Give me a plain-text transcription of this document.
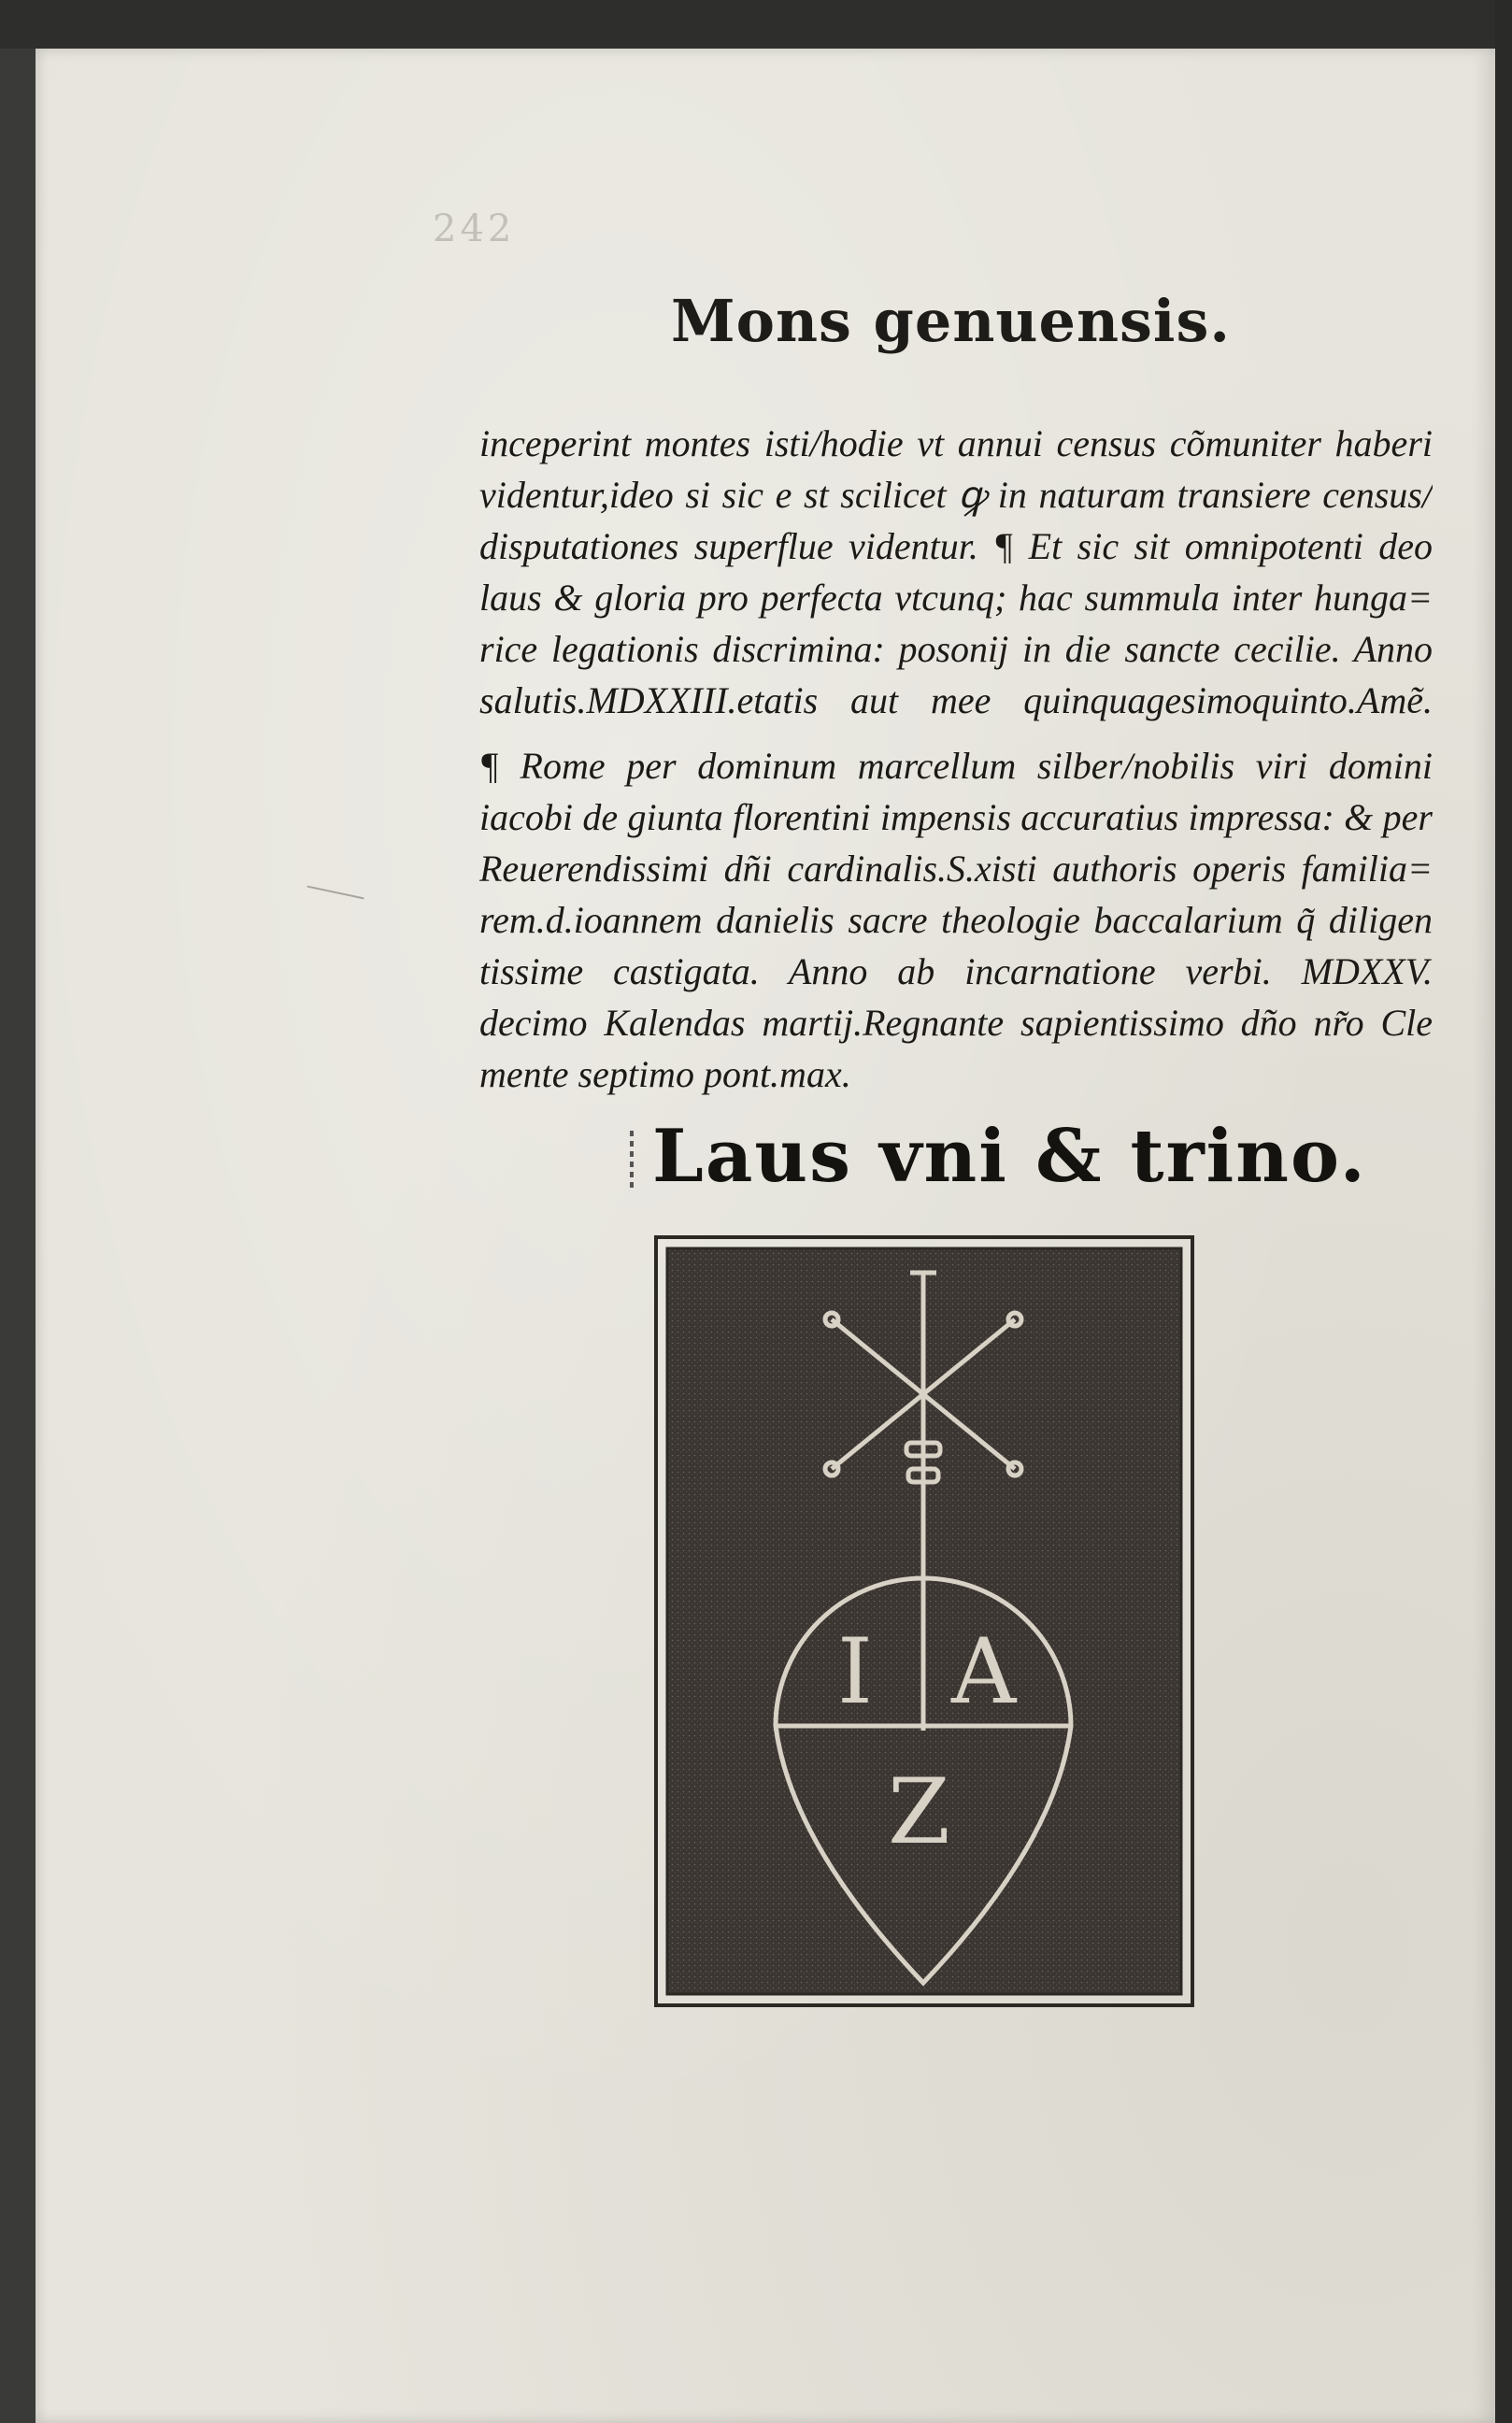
242
Mons genuensis.
inceperint montes isti/hodie vt annui census cõmuniter haberi
videntur,ideo si sic e st scilicet ꝙ in naturam transiere census/
disputationes superflue videntur. ¶ Et sic sit omnipotenti deo
laus & gloria pro perfecta vtcunq; hac summula inter hunga=
rice legationis discrimina: posonij in die sancte cecilie. Anno
salutis.MDXXIII.etatis aut mee quinquagesimoquinto.Amẽ.
¶ Rome per dominum marcellum silber/nobilis viri domini
iacobi de giunta florentini impensis accuratius impressa: & per
Reuerendissimi dñi cardinalis.S.xisti authoris operis familia=
rem.d.ioannem danielis sacre theologie baccalarium q̃ diligen
tissime castigata. Anno ab incarnatione verbi. MDXXV.
decimo Kalendas martij.Regnante sapientissimo dño nr̃o Cle
mente septimo pont.max.
Laus vni & trino.
I A
Z
